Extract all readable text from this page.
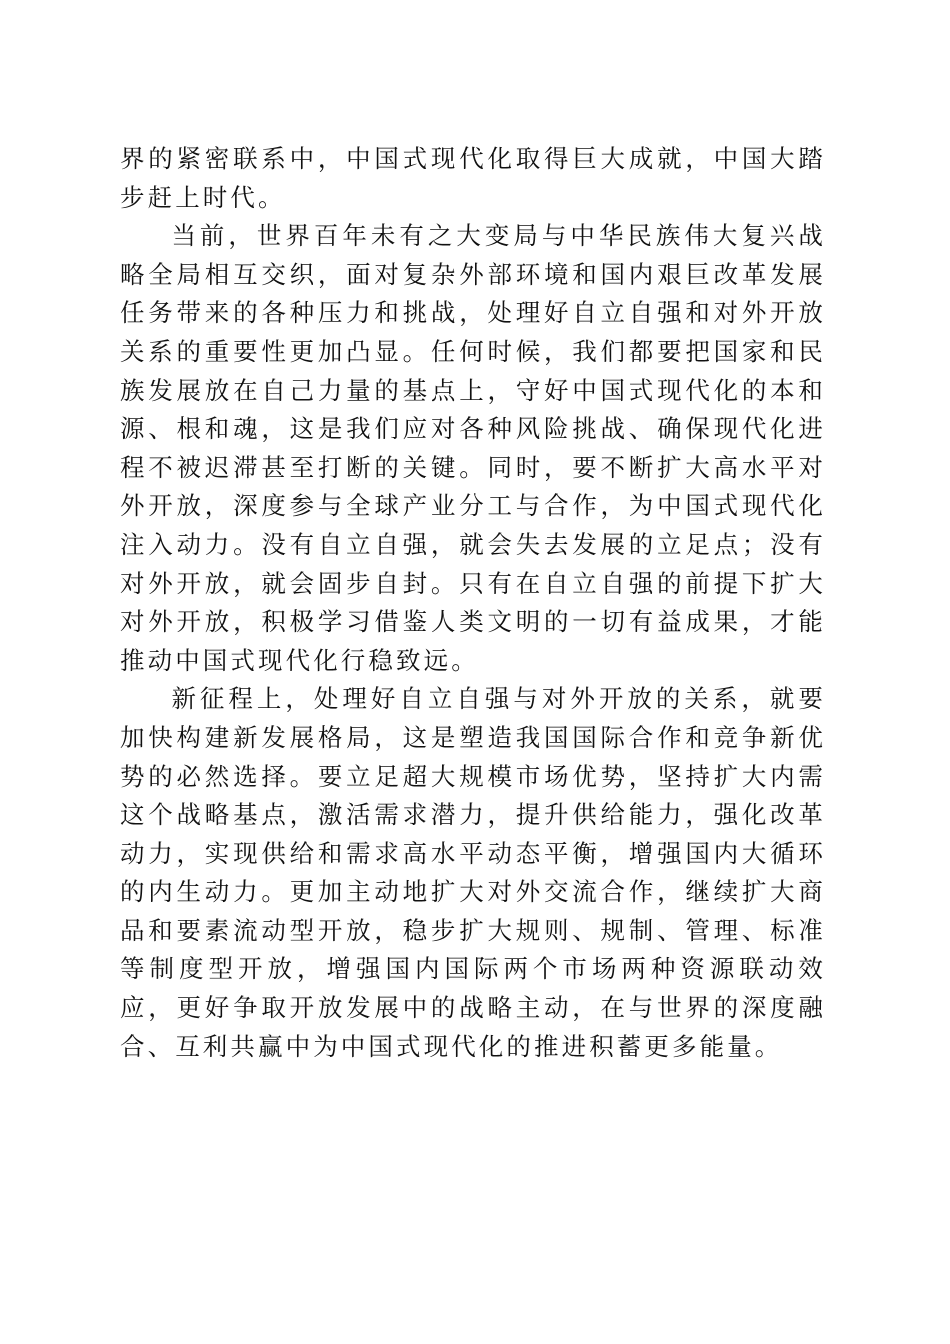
界的紧密联系中，中国式现代化取得巨大成就，中国大踏步赶上时代。

当前，世界百年未有之大变局与中华民族伟大复兴战略全局相互交织，面对复杂外部环境和国内艰巨改革发展任务带来的各种压力和挑战，处理好自立自强和对外开放关系的重要性更加凸显。任何时候，我们都要把国家和民族发展放在自己力量的基点上，守好中国式现代化的本和源、根和魂，这是我们应对各种风险挑战、确保现代化进程不被迟滞甚至打断的关键。同时，要不断扩大高水平对外开放，深度参与全球产业分工与合作，为中国式现代化注入动力。没有自立自强，就会失去发展的立足点；没有对外开放，就会固步自封。只有在自立自强的前提下扩大对外开放，积极学习借鉴人类文明的一切有益成果，才能推动中国式现代化行稳致远。

新征程上，处理好自立自强与对外开放的关系，就要加快构建新发展格局，这是塑造我国国际合作和竞争新优势的必然选择。要立足超大规模市场优势，坚持扩大内需这个战略基点，激活需求潜力，提升供给能力，强化改革动力，实现供给和需求高水平动态平衡，增强国内大循环的内生动力。更加主动地扩大对外交流合作，继续扩大商品和要素流动型开放，稳步扩大规则、规制、管理、标准等制度型开放，增强国内国际两个市场两种资源联动效应，更好争取开放发展中的战略主动，在与世界的深度融合、互利共赢中为中国式现代化的推进积蓄更多能量。
